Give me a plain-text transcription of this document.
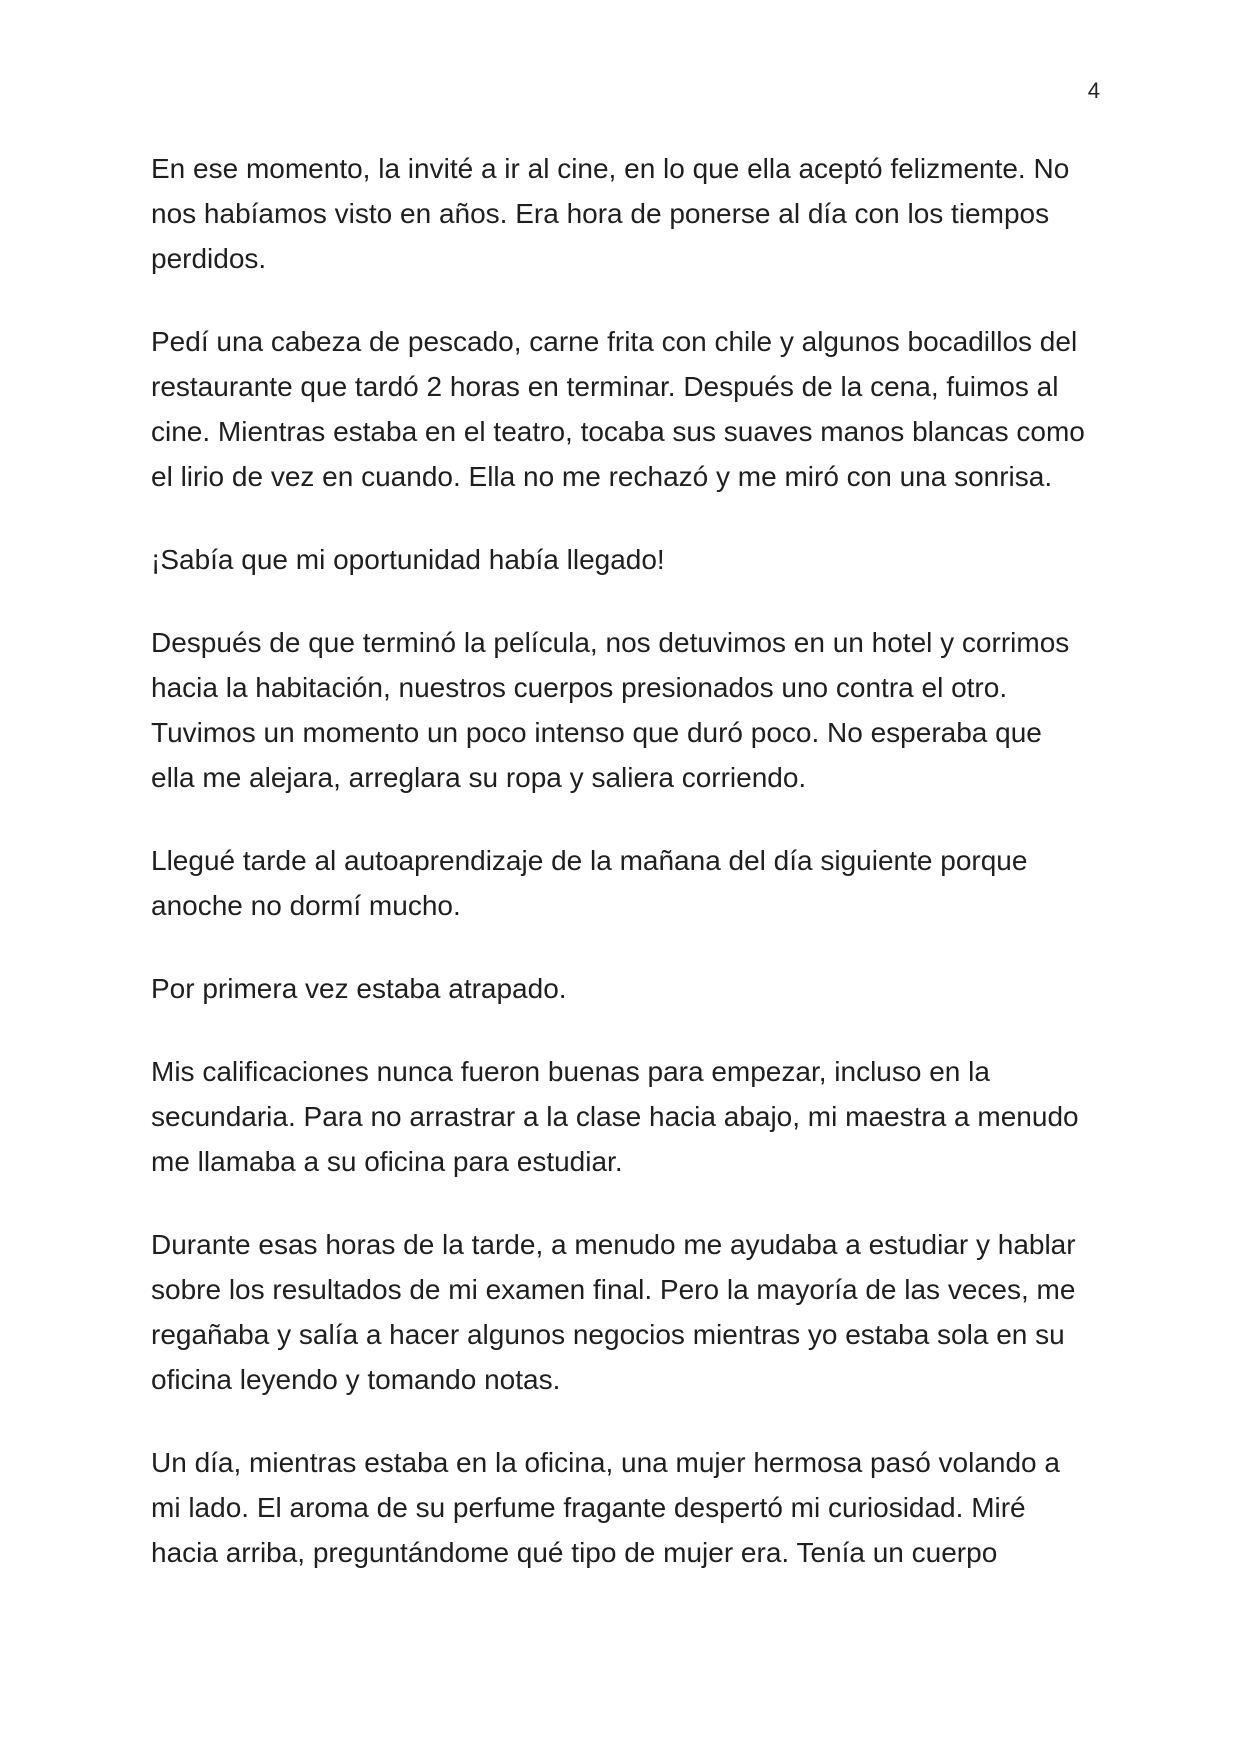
4

En ese momento, la invité a ir al cine, en lo que ella aceptó felizmente. No
nos habíamos visto en años. Era hora de ponerse al día con los tiempos
perdidos.

Pedí una cabeza de pescado, carne frita con chile y algunos bocadillos del
restaurante que tardó 2 horas en terminar. Después de la cena, fuimos al
cine. Mientras estaba en el teatro, tocaba sus suaves manos blancas como
el lirio de vez en cuando. Ella no me rechazó y me miró con una sonrisa.

¡Sabía que mi oportunidad había llegado!

Después de que terminó la película, nos detuvimos en un hotel y corrimos
hacia la habitación, nuestros cuerpos presionados uno contra el otro.
Tuvimos un momento un poco intenso que duró poco. No esperaba que
ella me alejara, arreglara su ropa y saliera corriendo.

Llegué tarde al autoaprendizaje de la mañana del día siguiente porque
anoche no dormí mucho.

Por primera vez estaba atrapado.

Mis calificaciones nunca fueron buenas para empezar, incluso en la
secundaria. Para no arrastrar a la clase hacia abajo, mi maestra a menudo
me llamaba a su oficina para estudiar.

Durante esas horas de la tarde, a menudo me ayudaba a estudiar y hablar
sobre los resultados de mi examen final. Pero la mayoría de las veces, me
regañaba y salía a hacer algunos negocios mientras yo estaba sola en su
oficina leyendo y tomando notas.

Un día, mientras estaba en la oficina, una mujer hermosa pasó volando a
mi lado. El aroma de su perfume fragante despertó mi curiosidad. Miré
hacia arriba, preguntándome qué tipo de mujer era. Tenía un cuerpo
